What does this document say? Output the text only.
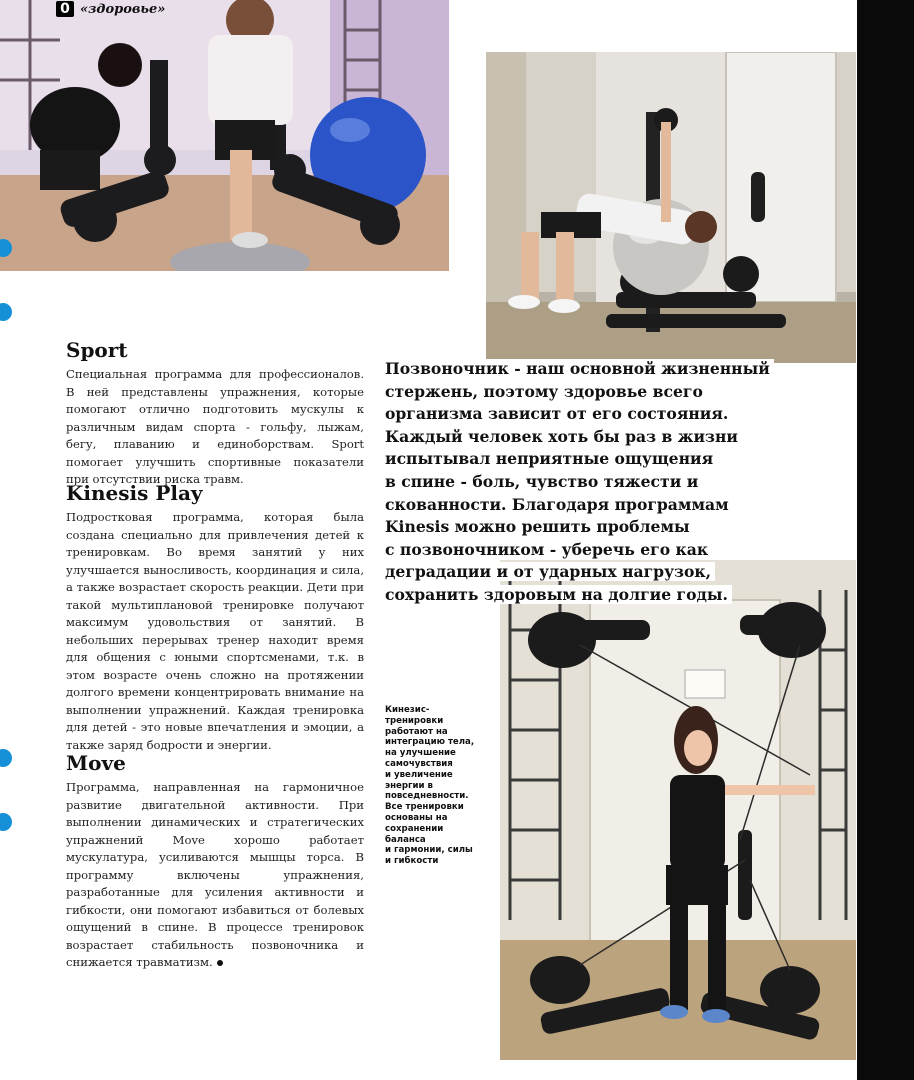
0 «здоровье»
Sport

Специальная программа для профессионалов. В ней представлены упражнения, которые помогают отлично подготовить мускулы к различным видам спорта - гольфу, лыжам, бегу, плаванию и единоборствам. Sport помогает улучшить спортивные показатели при отсутствии риска травм.

Kinesis Play

Подростковая программа, которая была создана специально для привлечения детей к тренировкам. Во время занятий у них улучшается выносливость, координация и сила, а также возрастает скорость реакции. Дети при такой мультиплановой тренировке получают максимум удовольствия от занятий. В небольших перерывах тренер находит время для общения с юными спортсменами, т.к. в этом возрасте очень сложно на протяжении долгого времени концентрировать внимание на выполнении упражнений. Каждая тренировка для детей - это новые впечатления и эмоции, а также заряд бодрости и энергии.

Move

Программа, направленная на гармоничное развитие двигательной активности. При выполнении динамических и стратегических упражнений Move хорошо работает мускулатура, усиливаются мышцы торса. В программу включены упражнения, разработанные для усиления активности и гибкости, они помогают избавиться от болевых ощущений в спине. В процессе тренировок возрастает стабильность позвоночника и снижается травматизм.

Позвоночник - наш основной жизненный
стержень, поэтому здоровье всего
организма зависит от его состояния.
Каждый человек хоть бы раз в жизни
испытывал неприятные ощущения
в спине - боль, чувство тяжести и
скованности. Благодаря программам
Kinesis можно решить проблемы
с позвоночником - уберечь его как
деградации и от ударных нагрузок,
сохранить здоровым на долгие годы.
Кинезис-
тренировки
работают на
интеграцию тела,
на улучшение
самочувствия
и увеличение
энергии в
повседневности.
Все тренировки
основаны на
сохранении
баланса
и гармонии, силы
и гибкости
